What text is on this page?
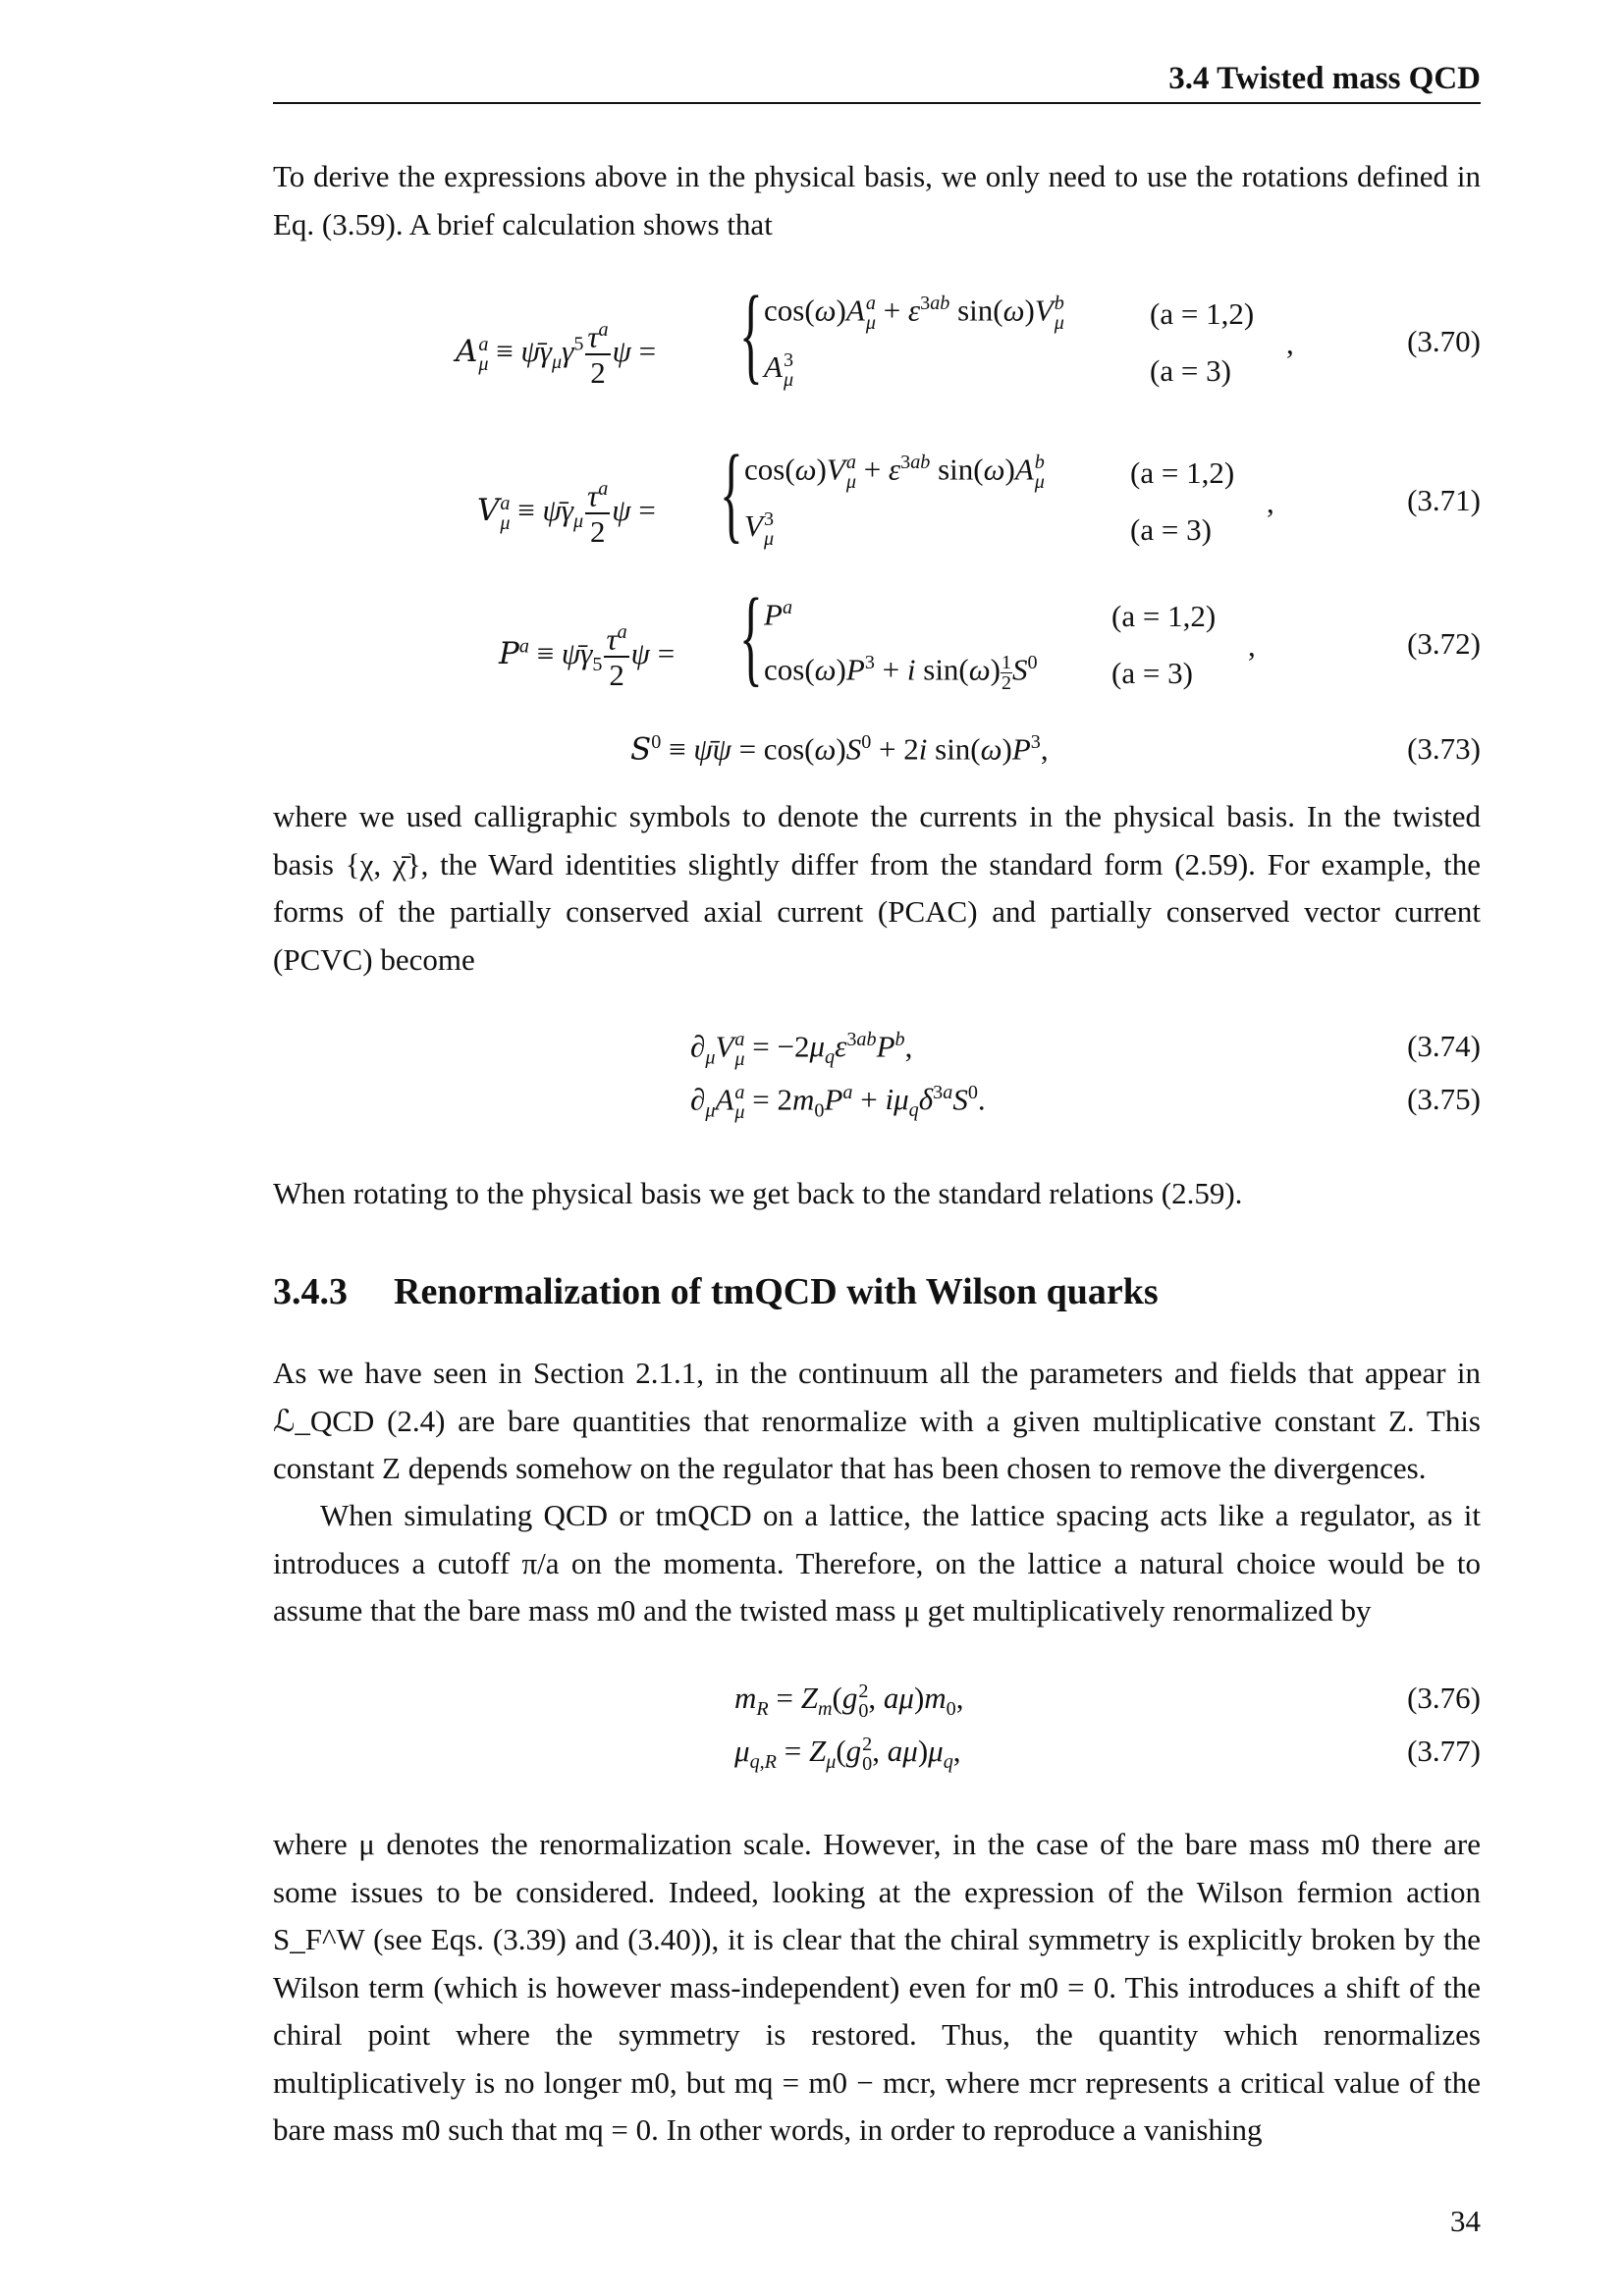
3.4 Twisted mass QCD

To derive the expressions above in the physical basis, we only need to use the rotations defined in Eq. (3.59). A brief calculation shows that

A a
$\mu \equiv \psī\gamma_\mu\gamma^5 \frac{\tau^a}{2}$ ψ = { cos(ω)A a
$\mu + \varepsilon^{3ab}$ sin(ω)V b
μ
A 3
μ
(a = 1,2)
(a = 3)
,	(3.70)
V a
$\mu \equiv \psī\gamma_\mu \frac{\tau^a}{2}$ ψ = { cos(ω)V a
$\mu + \varepsilon^{3ab}$ sin(ω)A b
μ
V 3
μ
(a = 1,2)
(a = 3)
,	(3.71)
$P^a$ ≡ $\psī\gamma_5 \frac{\tau^a}{2}$ ψ = { $P^a$
$\cos(\omega)P^3 + i$ $\sin(\omega) \frac{1}{2} S^0$
(a = 1,2)
(a = 3)
,	(3.72)
$S^0$ ≡ ψ̄ψ = $\cos(\omega)S^0 + 2i$ $\sin(\omega)P^3$,	(3.73)

where we used calligraphic symbols to denote the currents in the physical basis. In the twisted basis {χ, χ̄}, the Ward identities slightly differ from the standard form (2.59). For example, the forms of the partially conserved axial current (PCAC) and partially conserved vector current (PCVC) become

$\partial_\mu V$ a
$\mu = -2\mu_q\varepsilon^{3ab}P^b$,	(3.74)
$\partial_\mu A$ a
$\mu = 2m_0P^a + i\mu_q\delta^{3a}S^0$.	(3.75)

When rotating to the physical basis we get back to the standard relations (2.59).

3.4.3 Renormalization of tmQCD with Wilson quarks

As we have seen in Section 2.1.1, in the continuum all the parameters and fields that appear in ℒ_QCD (2.4) are bare quantities that renormalize with a given multiplicative constant Z. This constant Z depends somehow on the regulator that has been chosen to remove the divergences.

When simulating QCD or tmQCD on a lattice, the lattice spacing acts like a regulator, as it introduces a cutoff π/a on the momenta. Therefore, on the lattice a natural choice would be to assume that the bare mass m0 and the twisted mass μ get multiplicatively renormalized by

$m_R = Z_m(g$ 2
0 , $a\mu)m_0$,	(3.76)
$\mu_{q,R} = Z_\mu(g$ 2
0 , $a\mu)\mu_q$,	(3.77)

where μ denotes the renormalization scale. However, in the case of the bare mass m0 there are some issues to be considered. Indeed, looking at the expression of the Wilson fermion action S_F^W (see Eqs. (3.39) and (3.40)), it is clear that the chiral symmetry is explicitly broken by the Wilson term (which is however mass-independent) even for m0 = 0. This introduces a shift of the chiral point where the symmetry is restored. Thus, the quantity which renormalizes multiplicatively is no longer m0, but mq = m0 − mcr, where mcr represents a critical value of the bare mass m0 such that mq = 0. In other words, in order to reproduce a vanishing

34
